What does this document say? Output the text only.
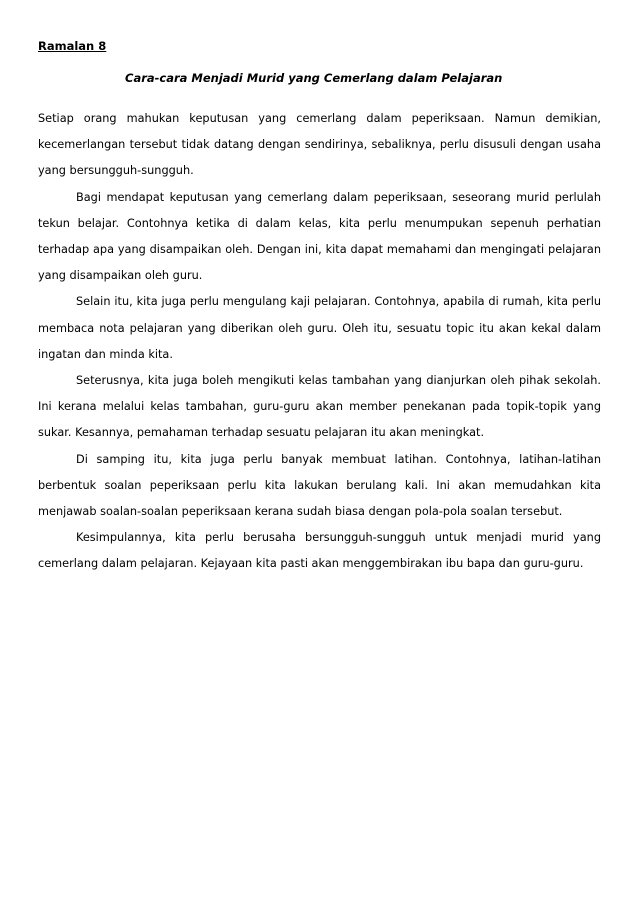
Ramalan 8

Cara-cara Menjadi Murid yang Cemerlang dalam Pelajaran

Setiap orang mahukan keputusan yang cemerlang dalam peperiksaan. Namun demikian, kecemerlangan tersebut tidak datang dengan sendirinya, sebaliknya, perlu disusuli dengan usaha yang bersungguh-sungguh.

Bagi mendapat keputusan yang cemerlang dalam peperiksaan, seseorang murid perlulah tekun belajar. Contohnya ketika di dalam kelas, kita perlu menumpukan sepenuh perhatian terhadap apa yang disampaikan oleh. Dengan ini, kita dapat memahami dan mengingati pelajaran yang disampaikan oleh guru.

Selain itu, kita juga perlu mengulang kaji pelajaran. Contohnya, apabila di rumah, kita perlu membaca nota pelajaran yang diberikan oleh guru. Oleh itu, sesuatu topic itu akan kekal dalam ingatan dan minda kita.

Seterusnya, kita juga boleh mengikuti kelas tambahan yang dianjurkan oleh pihak sekolah. Ini kerana melalui kelas tambahan, guru-guru akan member penekanan pada topik-topik yang sukar. Kesannya, pemahaman terhadap sesuatu pelajaran itu akan meningkat.

Di samping itu, kita juga perlu banyak membuat latihan. Contohnya, latihan-latihan berbentuk soalan peperiksaan perlu kita lakukan berulang kali. Ini akan memudahkan kita menjawab soalan-soalan peperiksaan kerana sudah biasa dengan pola-pola soalan tersebut.

Kesimpulannya, kita perlu berusaha bersungguh-sungguh untuk menjadi murid yang cemerlang dalam pelajaran. Kejayaan kita pasti akan menggembirakan ibu bapa dan guru-guru.
